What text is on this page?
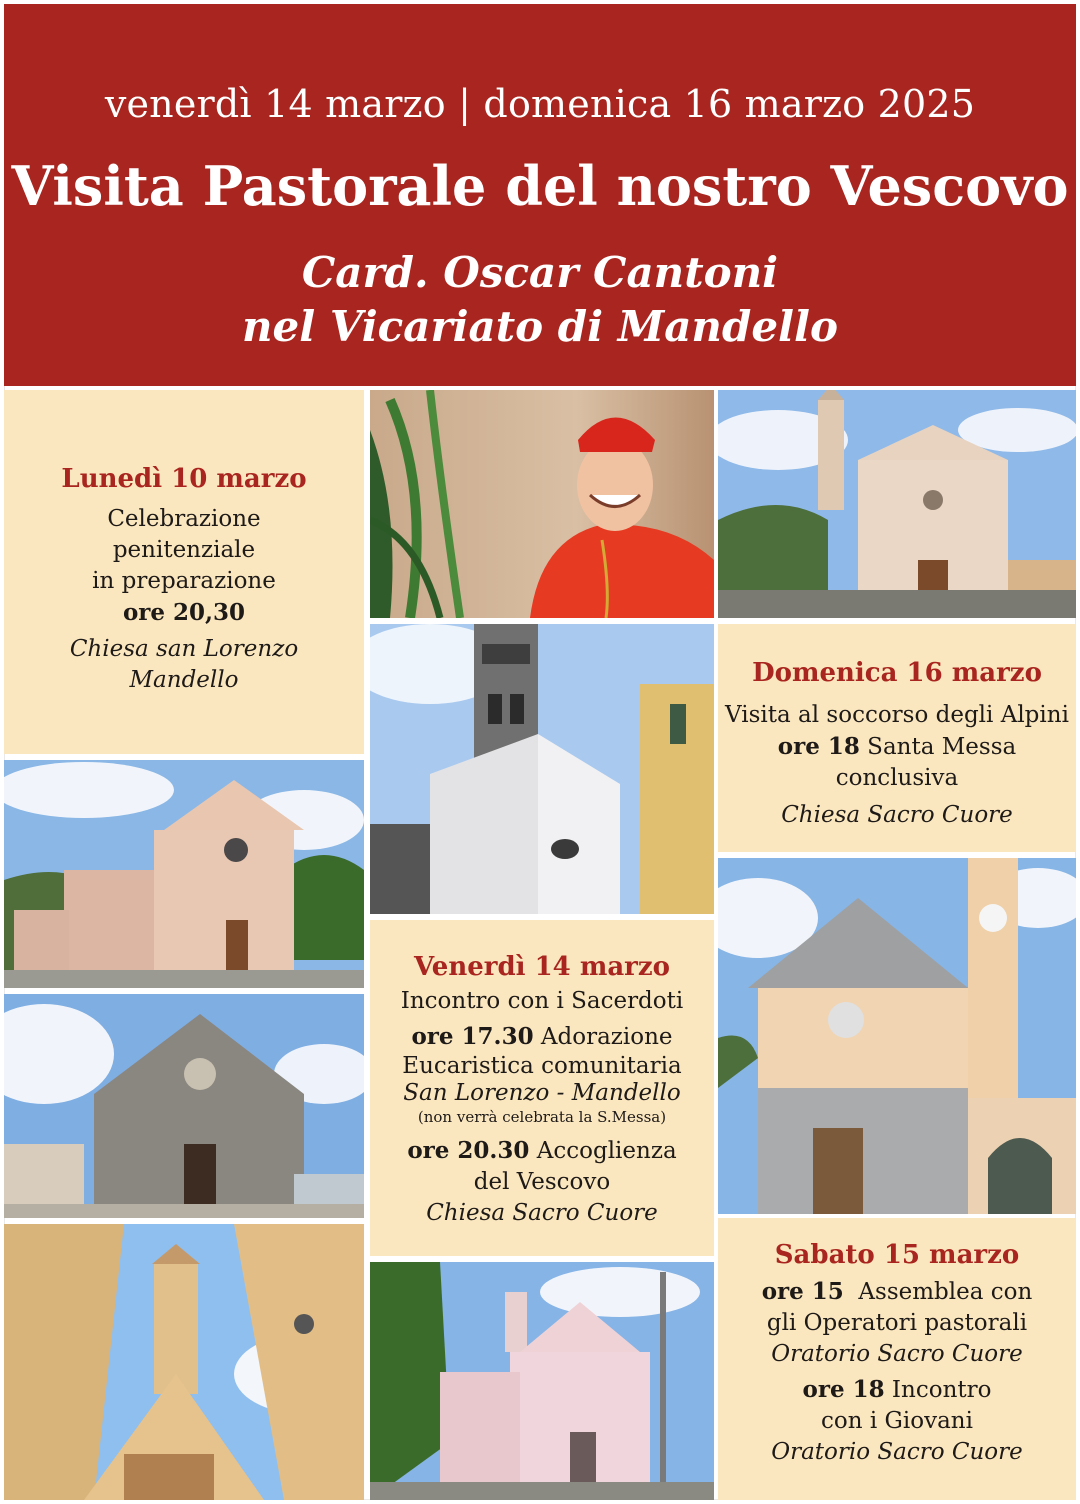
venerdì 14 marzo | domenica 16 marzo 2025
Visita Pastorale del nostro Vescovo
Card. Oscar Cantoni
nel Vicariato di Mandello
Lunedì 10 marzo
Celebrazione
penitenziale
in preparazione
ore 20,30
Chiesa san Lorenzo
Mandello	Domenica 16 marzo
Visita al soccorso degli Alpini
ore 18 Santa Messa
conclusiva
Chiesa Sacro Cuore
Venerdì 14 marzo
Incontro con i Sacerdoti
ore 17.30 Adorazione
Eucaristica comunitaria
San Lorenzo - Mandello
(non verrà celebrata la S.Messa)
ore 20.30 Accoglienza
del Vescovo
Chiesa Sacro Cuore
Sabato 15 marzo
ore 15  Assemblea con
gli Operatori pastorali
Oratorio Sacro Cuore
ore 18 Incontro
con i Giovani
Oratorio Sacro Cuore
